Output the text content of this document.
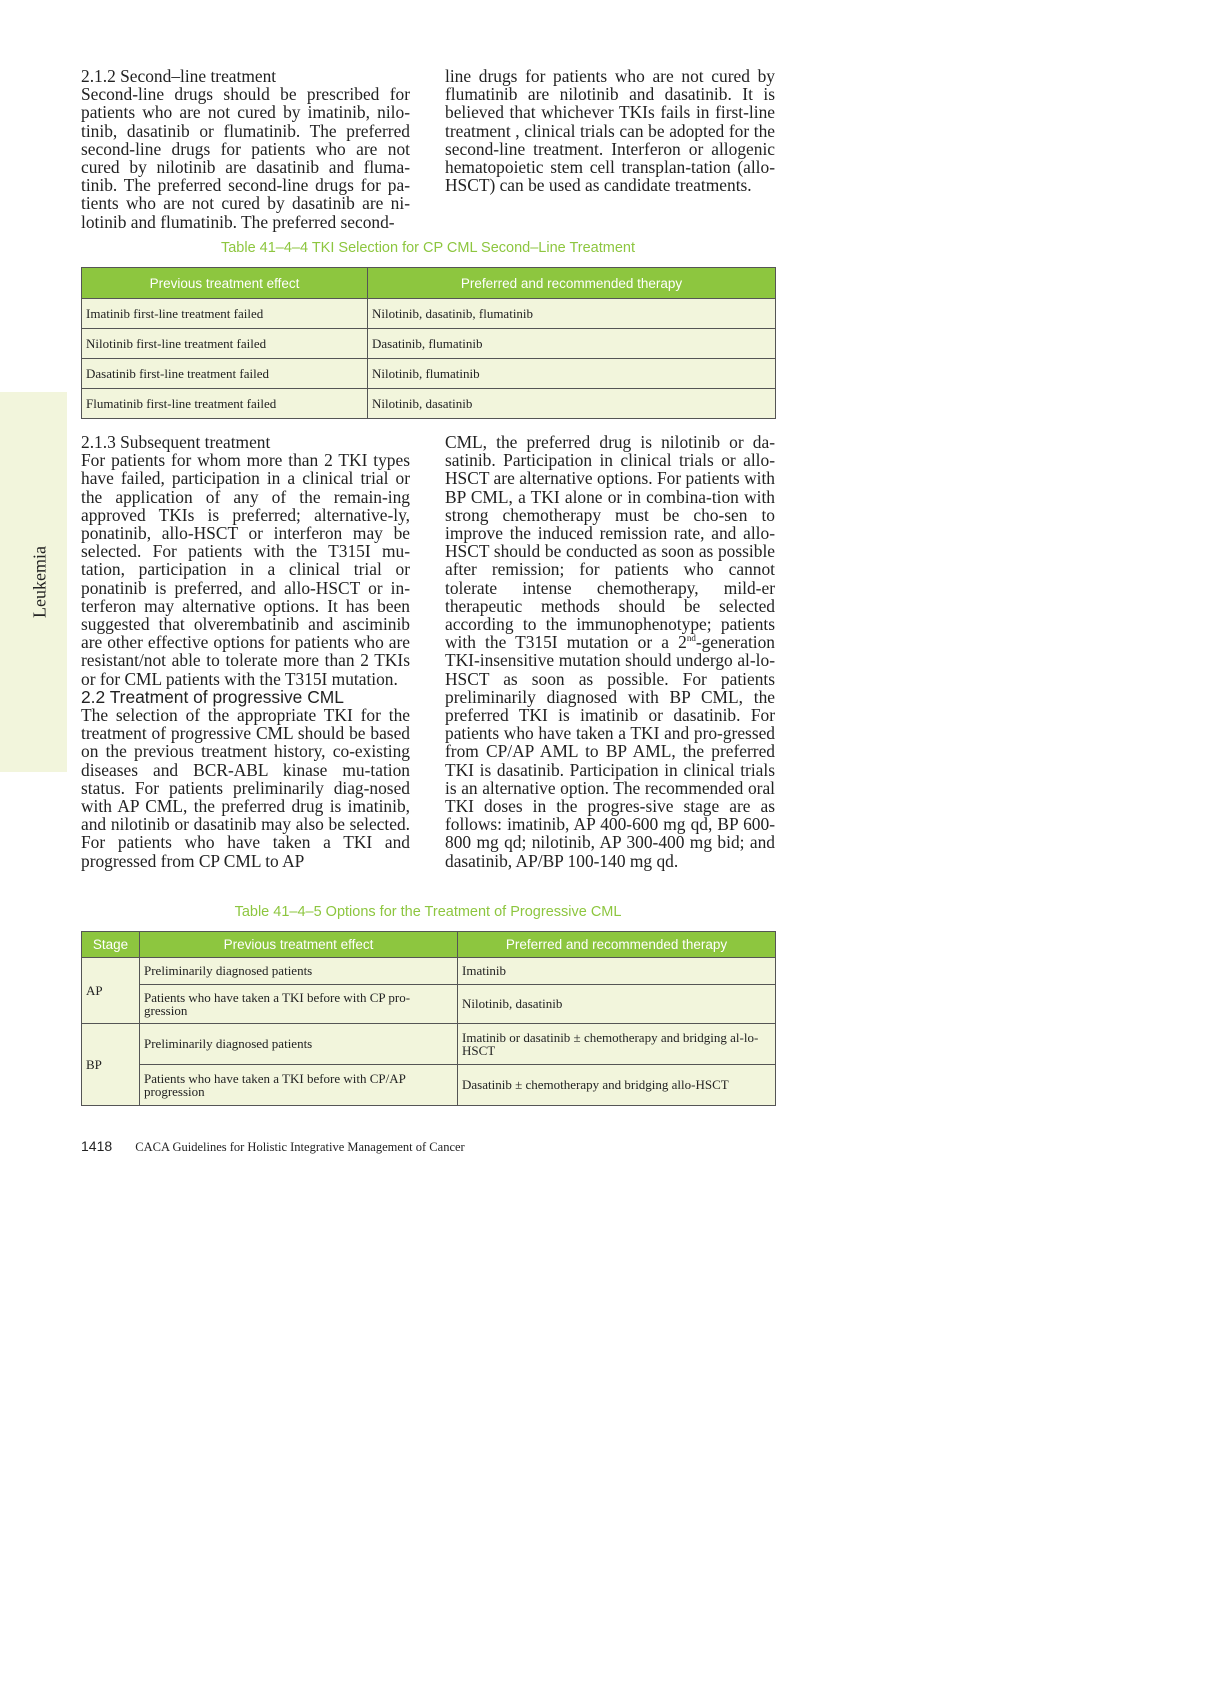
Leukemia

2.1.2 Second–line treatment

Second-line drugs should be prescribed for patients who are not cured by imatinib, nilo-tinib, dasatinib or flumatinib. The preferred second-line drugs for patients who are not cured by nilotinib are dasatinib and fluma-tinib. The preferred second-line drugs for pa-tients who are not cured by dasatinib are ni-lotinib and flumatinib. The preferred second-

line drugs for patients who are not cured by flumatinib are nilotinib and dasatinib. It is believed that whichever TKIs fails in first-line treatment , clinical trials can be adopted for the second-line treatment. Interferon or allogenic hematopoietic stem cell transplan-tation (allo-HSCT) can be used as candidate treatments.

Table 41–4–4 TKI Selection for CP CML Second–Line Treatment
Previous treatment effect	Preferred and recommended therapy
Imatinib first-line treatment failed	Nilotinib, dasatinib, flumatinib
Nilotinib first-line treatment failed	Dasatinib, flumatinib
Dasatinib first-line treatment failed	Nilotinib, flumatinib
Flumatinib first-line treatment failed	Nilotinib, dasatinib

2.1.3 Subsequent treatment

For patients for whom more than 2 TKI types have failed, participation in a clinical trial or the application of any of the remain-ing approved TKIs is preferred; alternative-ly, ponatinib, allo-HSCT or interferon may be selected. For patients with the T315I mu-tation, participation in a clinical trial or ponatinib is preferred, and allo-HSCT or in-terferon may alternative options. It has been suggested that olverembatinib and asciminib are other effective options for patients who are resistant/not able to tolerate more than 2 TKIs or for CML patients with the T315I mutation.

2.2 Treatment of progressive CML

The selection of the appropriate TKI for the treatment of progressive CML should be based on the previous treatment history, co-existing diseases and BCR-ABL kinase mu-tation status. For patients preliminarily diag-nosed with AP CML, the preferred drug is imatinib, and nilotinib or dasatinib may also be selected. For patients who have taken a TKI and progressed from CP CML to AP

CML, the preferred drug is nilotinib or da-satinib. Participation in clinical trials or allo-HSCT are alternative options. For patients with BP CML, a TKI alone or in combina-tion with strong chemotherapy must be cho-sen to improve the induced remission rate, and allo-HSCT should be conducted as soon as possible after remission; for patients who cannot tolerate intense chemotherapy, mild-er therapeutic methods should be selected according to the immunophenotype; patients with the T315I mutation or a 2nd-generation TKI-insensitive mutation should undergo al-lo-HSCT as soon as possible. For patients preliminarily diagnosed with BP CML, the preferred TKI is imatinib or dasatinib. For patients who have taken a TKI and pro-gressed from CP/AP AML to BP AML, the preferred TKI is dasatinib. Participation in clinical trials is an alternative option. The recommended oral TKI doses in the progres-sive stage are as follows: imatinib, AP 400-600 mg qd, BP 600-800 mg qd; nilotinib, AP 300-400 mg bid; and dasatinib, AP/BP 100-140 mg qd.

Table 41–4–5 Options for the Treatment of Progressive CML
Stage	Previous treatment effect	Preferred and recommended therapy
AP	Preliminarily diagnosed patients	Imatinib
	Patients who have taken a TKI before with CP pro-gression	Nilotinib, dasatinib
BP	Preliminarily diagnosed patients	Imatinib or dasatinib ± chemotherapy and bridging al-lo-HSCT
	Patients who have taken a TKI before with CP/AP progression	Dasatinib ± chemotherapy and bridging allo-HSCT
1418 CACA Guidelines for Holistic Integrative Management of Cancer
